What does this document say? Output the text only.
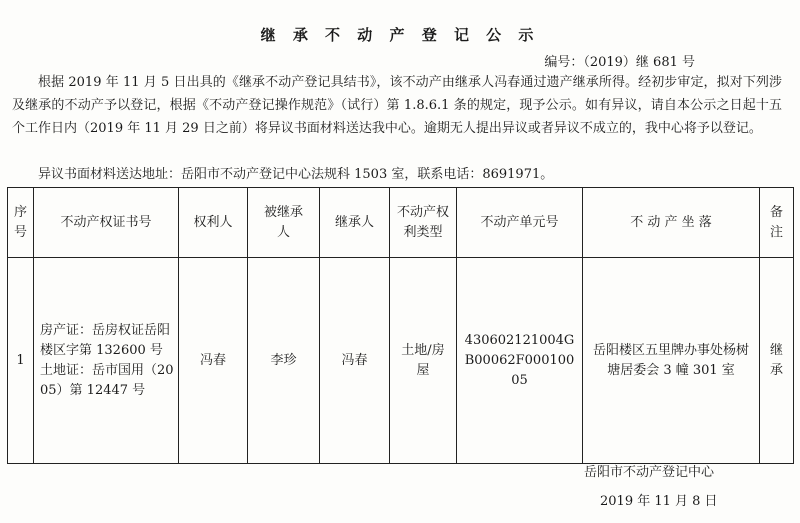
继 承 不 动 产 登 记 公 示
编号：（2019）继 681 号

根据 2019 年 11 月 5 日出具的《继承不动产登记具结书》，该不动产由继承人冯春通过遗产继承所得。经初步审定，拟对下列涉及继承的不动产予以登记，根据《不动产登记操作规范》（试行）第 1.8.6.1 条的规定，现予公示。如有异议，请自本公示之日起十五个工作日内（2019 年 11 月 29 日之前）将异议书面材料送达我中心。逾期无人提出异议或者异议不成立的，我中心将予以登记。

异议书面材料送达地址：岳阳市不动产登记中心法规科 1503 室，联系电话：8691971。
序号	不动产权证书号	权利人	被继承人	继承人	不动产权利类型	不动产单元号	不 动 产 坐 落	备注
1	房产证：岳房权证岳阳楼区字第 132600 号
土地证：岳市国用（2005）第 12447 号	冯春	李珍	冯春	土地/房屋	430602121004GB00062F00010005	岳阳楼区五里牌办事处杨树塘居委会 3 幢 301 室	继承
岳阳市不动产登记中心
2019 年 11 月 8 日
